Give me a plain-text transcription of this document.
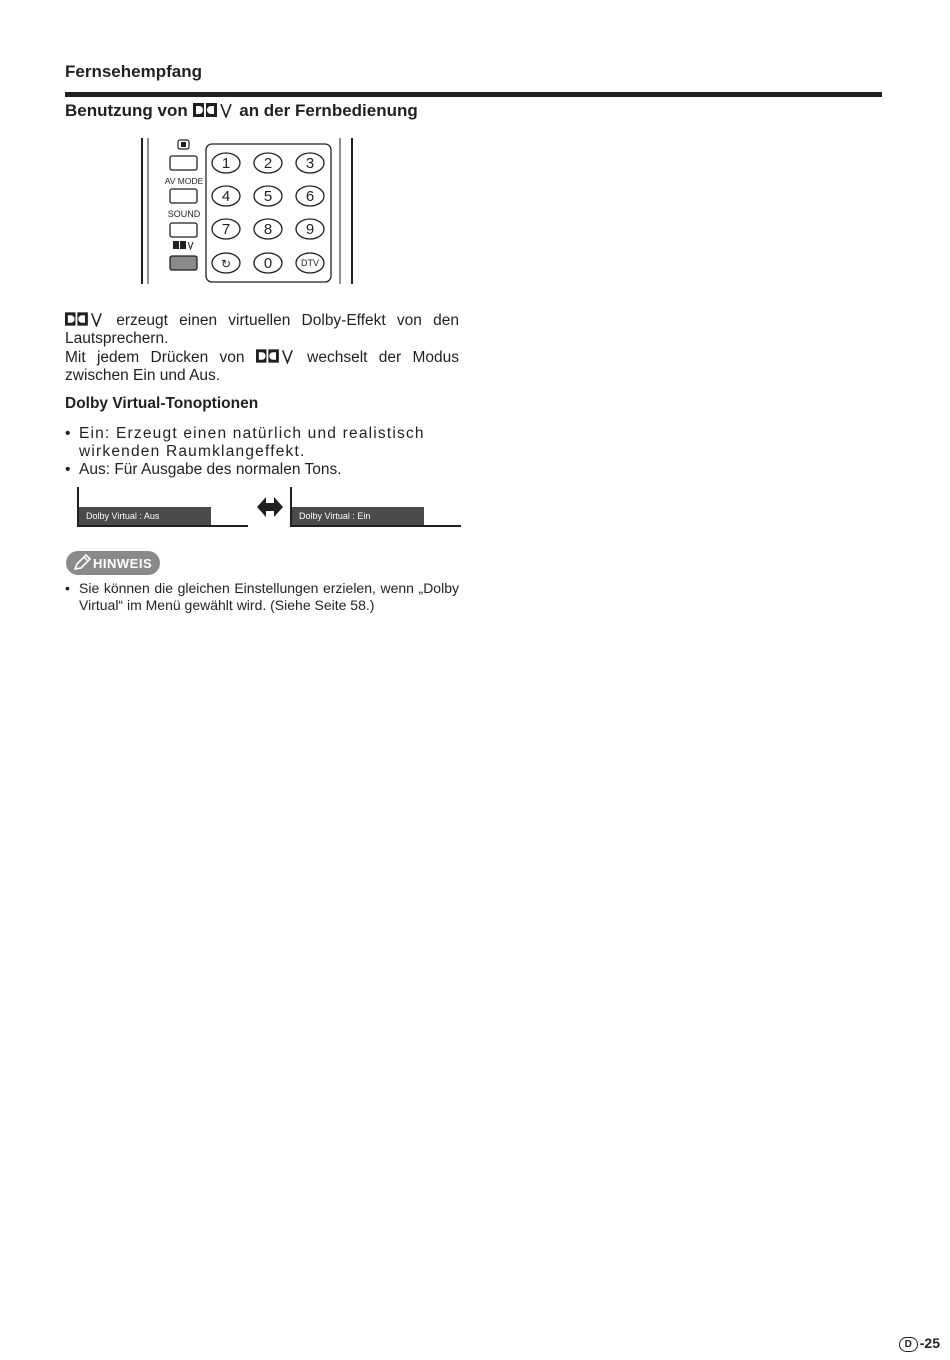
Fernsehempfang
Benutzung von	an der Fernbedienung
AV MODE
SOUND
1 2 3
4 5 6
7 8 9
↻ 0	DTV

erzeugt einen virtuellen Dolby-Effekt von den Lautsprechern.

Mit jedem Drücken von	wechselt der Modus zwischen Ein und Aus.

Dolby Virtual-Tonoptionen
• Ein: Erzeugt einen natürlich und realistisch wirkenden Raumklangeffekt.
• Aus: Für Ausgabe des normalen Tons.
Dolby Virtual : Aus	Dolby Virtual : Ein
HINWEIS
• Sie können die gleichen Einstellungen erzielen, wenn „Dolby Virtual“ im Menü gewählt wird. (Siehe Seite 58.)
D -25
